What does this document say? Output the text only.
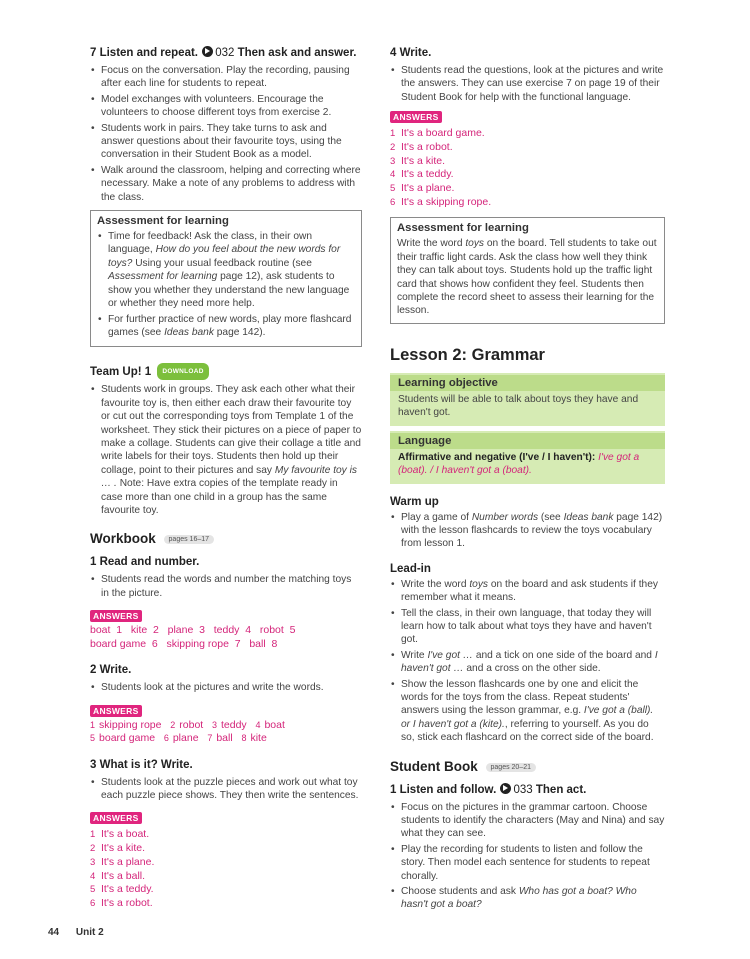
7 Listen and repeat. 032 Then ask and answer.
• Focus on the conversation. Play the recording, pausing after each line for students to repeat.
• Model exchanges with volunteers. Encourage the volunteers to choose different toys from exercise 2.
• Students work in pairs. They take turns to ask and answer questions about their favourite toys, using the conversation in their Student Book as a model.
• Walk around the classroom, helping and correcting where necessary. Make a note of any problems to address with the class.
Assessment for learning
• Time for feedback! Ask the class, in their own language, How do you feel about the new words for toys? Using your usual feedback routine (see Assessment for learning page 12), ask students to show you whether they understand the new language or whether they need more help.
• For further practice of new words, play more flashcard games (see Ideas bank page 142).
Team Up! 1 DOWNLOAD
• Students work in groups. They ask each other what their favourite toy is, then either each draw their favourite toy or cut out the corresponding toys from Template 1 of the worksheet. They stick their pictures on a piece of paper to make a collage. Students can give their collage a title and write labels for their toys. Students then hold up their collage, point to their pictures and say My favourite toy is … . Note: Have extra copies of the template ready in case more than one child in a group has the same favourite toy.
Workbook pages 16–17
1 Read and number.
• Students read the words and number the matching toys in the picture.
ANSWERS
boat  1   kite  2   plane  3   teddy  4   robot  5
board game  6   skipping rope  7   ball  8
2 Write.
• Students look at the pictures and write the words.
ANSWERS
1 skipping rope 2 robot 3 teddy 4 boat
5 board game 6 plane 7 ball 8 kite
3 What is it? Write.
• Students look at the puzzle pieces and work out what toy each puzzle piece shows. They then write the sentences.
ANSWERS
1 It's a boat.
2 It's a kite.
3 It's a plane.
4 It's a ball.
5 It's a teddy.
6 It's a robot.
4 Write.
• Students read the questions, look at the pictures and write the answers. They can use exercise 7 on page 19 of their Student Book for help with the functional language.
ANSWERS
1 It's a board game.
2 It's a robot.
3 It's a kite.
4 It's a teddy.
5 It's a plane.
6 It's a skipping rope.
Assessment for learning

Write the word toys on the board. Tell students to take out their traffic light cards. Ask the class how well they think they can talk about toys. Students hold up the traffic light card that shows how confident they feel. Students then complete the record sheet to assess their learning for the lesson.

Lesson 2: Grammar
Learning objective
Students will be able to talk about toys they have and haven't got.
Language
Affirmative and negative (I've / I haven't): I've got a (boat). / I haven't got a (boat).
Warm up
• Play a game of Number words (see Ideas bank page 142) with the lesson flashcards to review the toys vocabulary from lesson 1.
Lead-in
• Write the word toys on the board and ask students if they remember what it means.
• Tell the class, in their own language, that today they will learn how to talk about what toys they have and haven't got.
• Write I've got … and a tick on one side of the board and I haven't got … and a cross on the other side.
• Show the lesson flashcards one by one and elicit the words for the toys from the class. Repeat students' answers using the lesson grammar, e.g. I've got a (ball). or I haven't got a (kite)., referring to yourself. As you do so, stick each flashcard on the correct side of the board.
Student Book pages 20–21
1 Listen and follow. 033 Then act.
• Focus on the pictures in the grammar cartoon. Choose students to identify the characters (May and Nina) and say what they can see.
• Play the recording for students to listen and follow the story. Then model each sentence for students to repeat chorally.
• Choose students and ask Who has got a boat? Who hasn't got a boat?
44 Unit 2
